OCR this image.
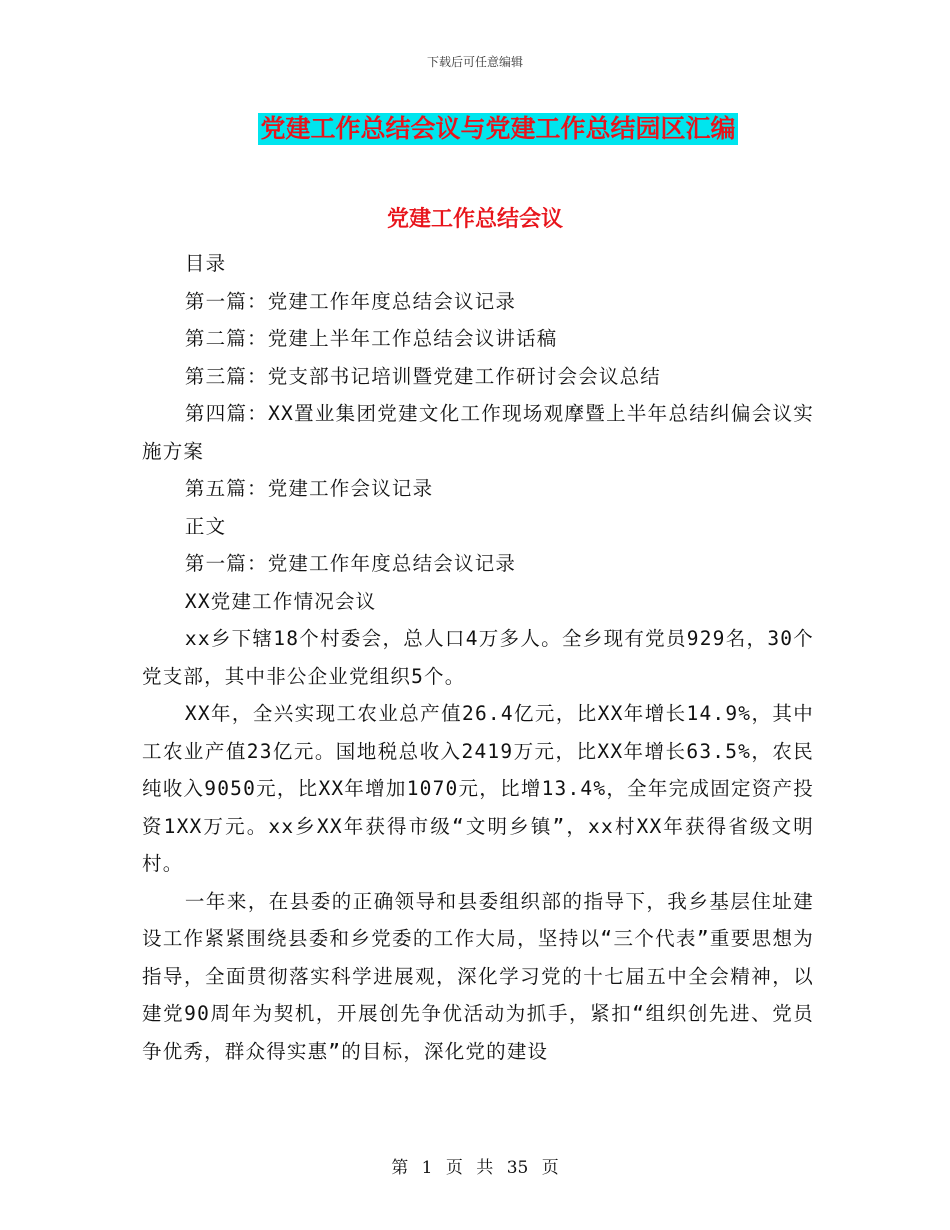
下载后可任意编辑
党建工作总结会议与党建工作总结园区汇编
党建工作总结会议

目录

第一篇：党建工作年度总结会议记录

第二篇：党建上半年工作总结会议讲话稿

第三篇：党支部书记培训暨党建工作研讨会会议总结

第四篇：XX置业集团党建文化工作现场观摩暨上半年总结纠偏会议实施方案

第五篇：党建工作会议记录

正文

第一篇：党建工作年度总结会议记录

XX党建工作情况会议

xx乡下辖18个村委会，总人口4万多人。全乡现有党员929名，30个党支部，其中非公企业党组织5个。

XX年，全兴实现工农业总产值26.4亿元，比XX年增长14.9%，其中工农业产值23亿元。国地税总收入2419万元，比XX年增长63.5%，农民纯收入9050元，比XX年增加1070元，比增13.4%，全年完成固定资产投资1XX万元。xx乡XX年获得市级“文明乡镇”，xx村XX年获得省级文明村。

一年来，在县委的正确领导和县委组织部的指导下，我乡基层住址建设工作紧紧围绕县委和乡党委的工作大局，坚持以“三个代表”重要思想为指导，全面贯彻落实科学进展观，深化学习党的十七届五中全会精神，以建党90周年为契机，开展创先争优活动为抓手，紧扣“组织创先进、党员争优秀，群众得实惠”的目标，深化党的建设

第 1 页 共 35 页
